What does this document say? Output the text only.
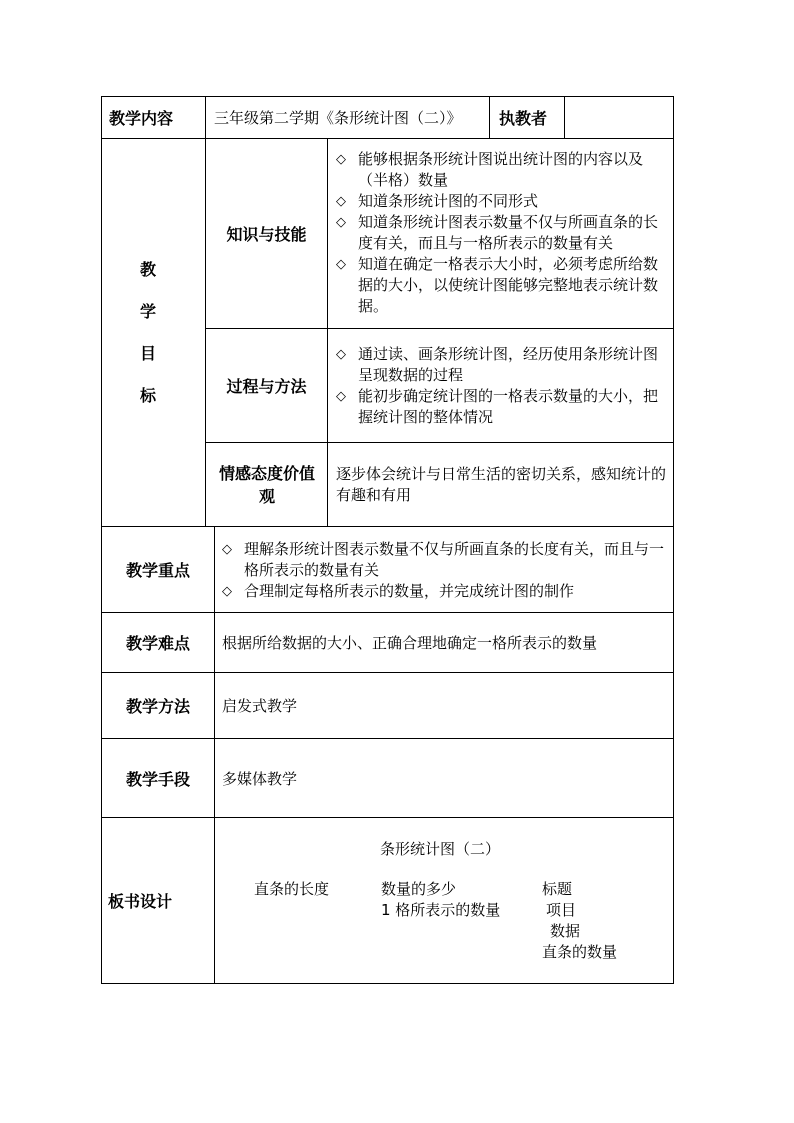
教学内容	三年级第二学期《条形统计图（二）》 执教者
教
学
目
标
知识与技能
◇ 能够根据条形统计图说出统计图的内容以及（半格）数量
◇ 知道条形统计图的不同形式
◇ 知道条形统计图表示数量不仅与所画直条的长度有关，而且与一格所表示的数量有关
◇ 知道在确定一格表示大小时，必须考虑所给数据的大小，以使统计图能够完整地表示统计数据。
过程与方法
◇ 通过读、画条形统计图，经历使用条形统计图呈现数据的过程
◇ 能初步确定统计图的一格表示数量的大小，把握统计图的整体情况
情感态度价值观
逐步体会统计与日常生活的密切关系，感知统计的有趣和有用
教学重点
◇ 理解条形统计图表示数量不仅与所画直条的长度有关，而且与一格所表示的数量有关
◇ 合理制定每格所表示的数量，并完成统计图的制作
教学难点 根据所给数据的大小、正确合理地确定一格所表示的数量
教学方法 启发式教学
教学手段 多媒体教学
板书设计
条形统计图（二）
直条的长度	数量的多少
1 格所表示的数量
标题
项目
数据
直条的数量
